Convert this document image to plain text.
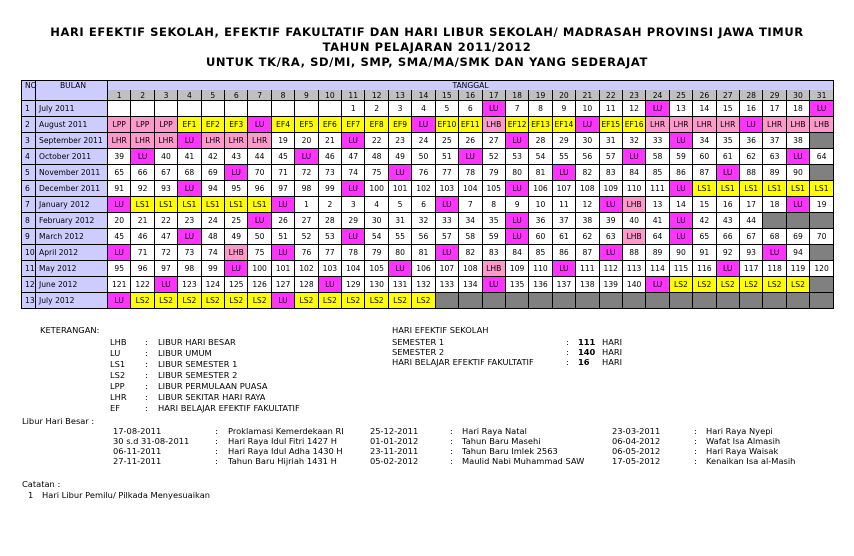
HARI EFEKTIF SEKOLAH, EFEKTIF FAKULTATIF DAN HARI LIBUR SEKOLAH/ MADRASAH PROVINSI JAWA TIMUR
TAHUN PELAJARAN 2011/2012
UNTUK TK/RA, SD/MI, SMP, SMA/MA/SMK DAN YANG SEDERAJAT
NO	BULAN	TANGGAL																														
		1	2	3	4	5	6	7	8	9	10	11	12	13	14	15	16	17	18	19	20	21	22	23	24	25	26	27	28	29	30	31
1	July 2011											1	2	3	4	5	6	LU	7	8	9	10	11	12	LU	13	14	15	16	17	18	LU
2	August 2011	LPP	LPP	LPP	EF1	EF2	EF3	LU	EF4	EF5	EF6	EF7	EF8	EF9	LU	EF10	EF11	LHB	EF12	EF13	EF14	LU	EF15	EF16	LHR	LHR	LHR	LHR	LU	LHR	LHB	LHB
3	September 2011	LHR	LHR	LHR	LU	LHR	LHR	LHR	19	20	21	LU	22	23	24	25	26	27	LU	28	29	30	31	32	33	LU	34	35	36	37	38	
4	October 2011	39	LU	40	41	42	43	44	45	LU	46	47	48	49	50	51	LU	52	53	54	55	56	57	LU	58	59	60	61	62	63	LU	64
5	November 2011	65	66	67	68	69	LU	70	71	72	73	74	75	LU	76	77	78	79	80	81	LU	82	83	84	85	86	87	LU	88	89	90	
6	December 2011	91	92	93	LU	94	95	96	97	98	99	LU	100	101	102	103	104	105	LU	106	107	108	109	110	111	LU	LS1	LS1	LS1	LS1	LS1	LS1
7	January 2012	LU	LS1	LS1	LS1	LS1	LS1	LS1	LU	1	2	3	4	5	6	LU	7	8	9	10	11	12	LU	LHB	13	14	15	16	17	18	LU	19
8	February 2012	20	21	22	23	24	25	LU	26	27	28	29	30	31	32	33	34	35	LU	36	37	38	39	40	41	LU	42	43	44			
9	March 2012	45	46	47	LU	48	49	50	51	52	53	LU	54	55	56	57	58	59	LU	60	61	62	63	LHB	64	LU	65	66	67	68	69	70
10	April 2012	LU	71	72	73	74	LHB	75	LU	76	77	78	79	80	81	LU	82	83	84	85	86	87	LU	88	89	90	91	92	93	LU	94	
11	May 2012	95	96	97	98	99	LU	100	101	102	103	104	105	LU	106	107	108	LHB	109	110	LU	111	112	113	114	115	116	LU	117	118	119	120
12	June 2012	121	122	LU	123	124	125	126	127	128	LU	129	130	131	132	133	134	LU	135	136	137	138	139	140	LU	LS2	LS2	LS2	LS2	LS2	LS2	
13	July 2012	LU	LS2	LS2	LS2	LS2	LS2	LS2	LU	LS2	LS2	LS2	LS2	LS2	LS2																	
KETERANGAN:
LHB : LIBUR HARI BESAR
LU	: LIBUR UMUM
LS1 : LIBUR SEMESTER 1
LS2 : LIBUR SEMESTER 2
LPP : LIBUR PERMULAAN PUASA
LHR : LIBUR SEKITAR HARI RAYA
EF	: HARI BELAJAR EFEKTIF FAKULTATIF
HARI EFEKTIF SEKOLAH
SEMESTER 1	: 111 HARI
SEMESTER 2	: 140 HARI
HARI BELAJAR EFEKTIF FAKULTATIF	: 16 HARI
Libur Hari Besar :
17-08-2011	Proklamasi Kemerdekaan RI	25-12-2011	Hari Raya Natal	23-03-2011	Hari Raya Nyepi
:	:	:
30 s.d 31-08-2011	Hari Raya Idul Fitri 1427 H	01-01-2012	Tahun Baru Masehi	06-04-2012	Wafat Isa Almasih
:	:	:
06-11-2011	Hari Raya Idul Adha 1430 H	23-11-2011	Tahun Baru Imlek 2563	06-05-2012	Hari Raya Waisak
:	:	:
27-11-2011	Tahun Baru Hijriah 1431 H	05-02-2012	Maulid Nabi Muhammad SAW	17-05-2012	Kenaikan Isa al-Masih
:	:	:
Catatan :
1 Hari Libur Pemilu/ Pilkada Menyesuaikan
